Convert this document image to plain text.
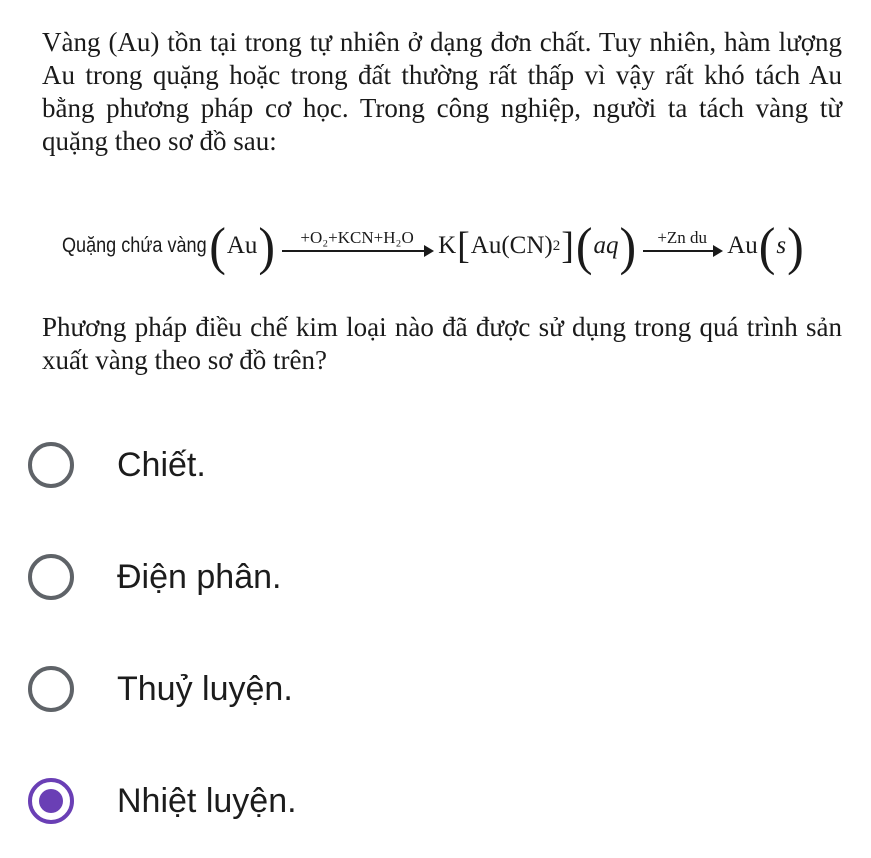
Vàng (Au) tồn tại trong tự nhiên ở dạng đơn chất. Tuy nhiên, hàm lượng Au trong quặng hoặc trong đất thường rất thấp vì vậy rất khó tách Au bằng phương pháp cơ học. Trong công nghiệp, người ta tách vàng từ quặng theo sơ đồ sau:

Quặng chứa vàng ( Au ) +O₂+KCN+H₂O K [ Au(CN) 2 ] ( aq ) +Zn du Au ( s )

Phương pháp điều chế kim loại nào đã được sử dụng trong quá trình sản xuất vàng theo sơ đồ trên?

Chiết.
Điện phân.
Thuỷ luyện.
Nhiệt luyện.
